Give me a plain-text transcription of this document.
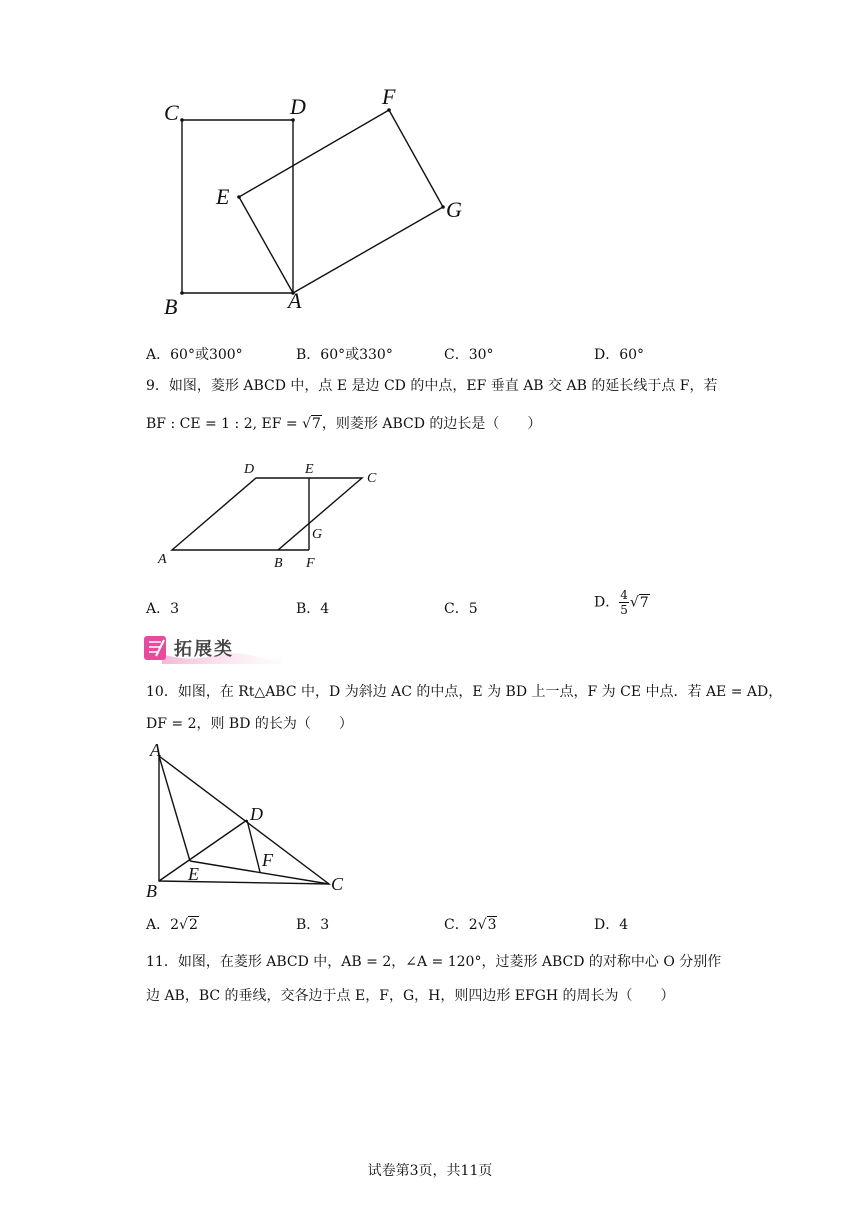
C	D	F
E
G
B	A
A．60°或300°	B．60°或330°	C．30°	D．60°
9．如图，菱形 ABCD 中，点 E 是边 CD 的中点，EF 垂直 AB 交 AB 的延长线于点 F，若
BF : CE = 1 : 2, EF = √7，则菱形 ABCD 的边长是（　　）
D	E
C
G
A	B F
A．3	B．4	C．5	D． $\frac{4}{5} √7$
拓展类
10．如图，在 Rt△ABC 中，D 为斜边 AC 的中点，E 为 BD 上一点，F 为 CE 中点．若 AE = AD，
DF = 2，则 BD 的长为（　　）
A
D
F
B
E	C
A．2√2	B．3	C．2√3	D．4
11．如图，在菱形 ABCD 中，AB = 2，∠A = 120°，过菱形 ABCD 的对称中心 O 分别作
边 AB，BC 的垂线，交各边于点 E，F，G，H，则四边形 EFGH 的周长为（　　）
试卷第3页，共11页
